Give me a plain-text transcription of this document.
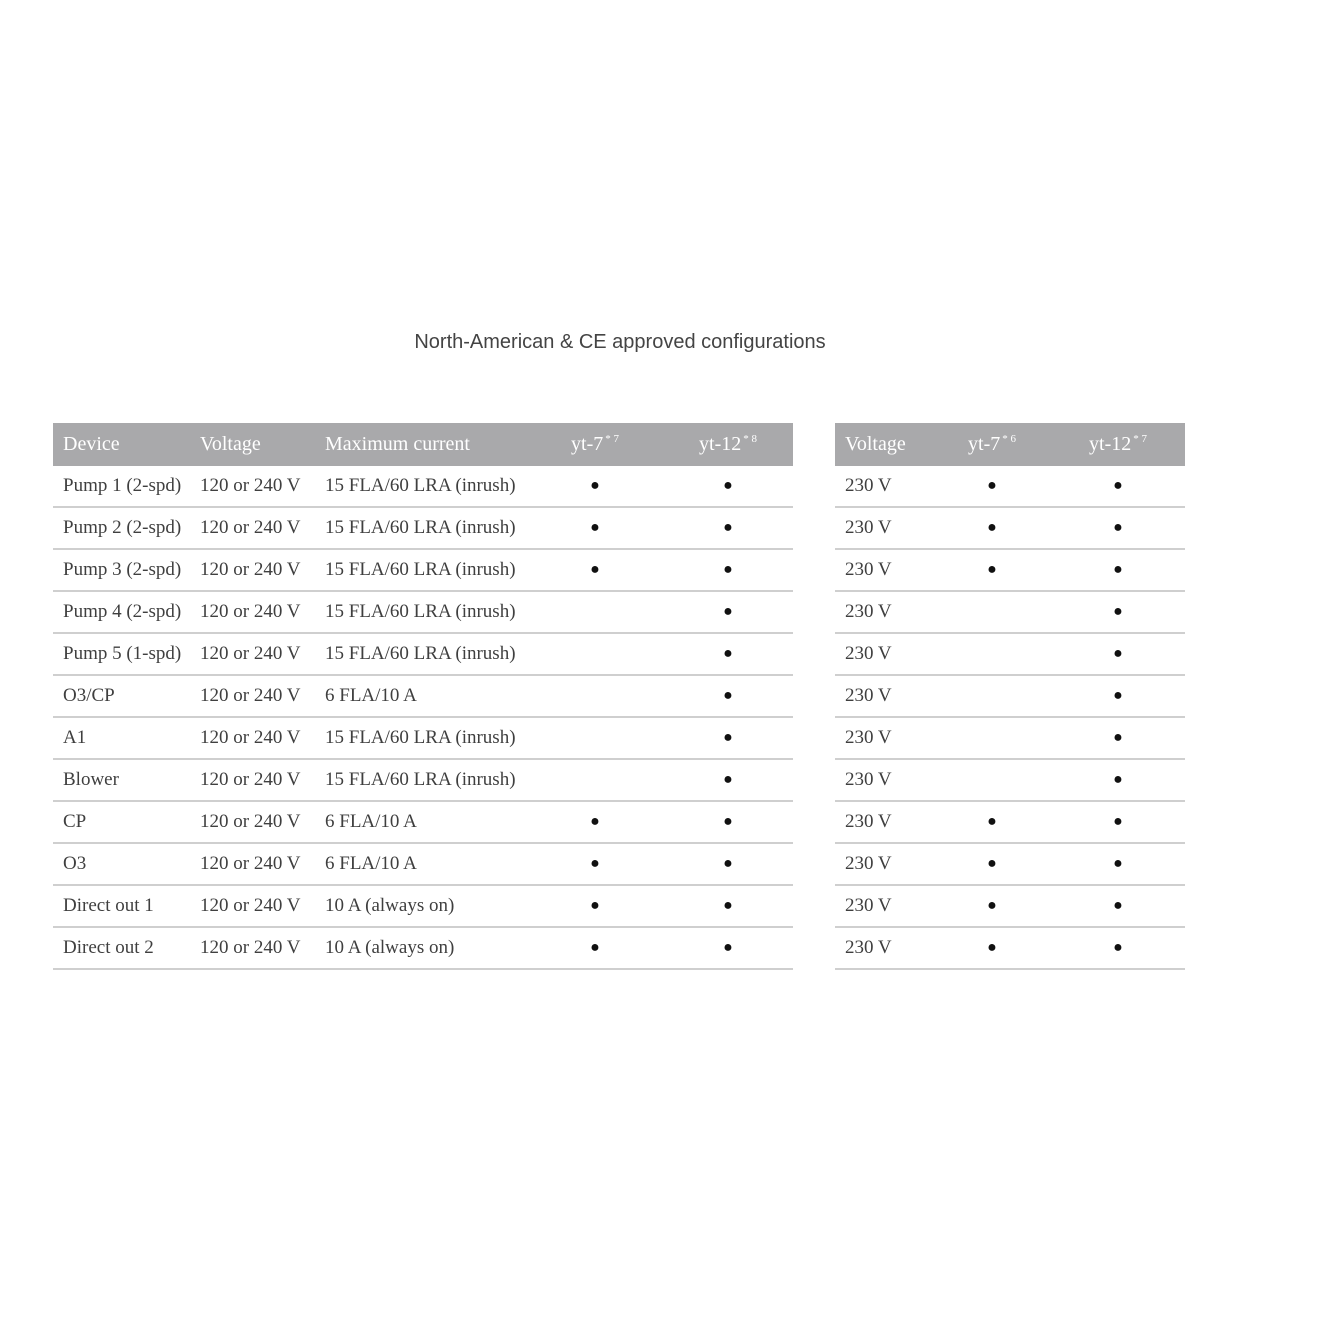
North-American & CE approved configurations
Device	Voltage	Maximum current	yt-7 $^{* 7}$	yt-12 $^{* 8}$
Pump 1 (2-spd)	120 or 240 V	15 FLA/60 LRA (inrush)	●	●
Pump 2 (2-spd)	120 or 240 V	15 FLA/60 LRA (inrush)	●	●
Pump 3 (2-spd)	120 or 240 V	15 FLA/60 LRA (inrush)	●	●
Pump 4 (2-spd)	120 or 240 V	15 FLA/60 LRA (inrush)		●
Pump 5 (1-spd)	120 or 240 V	15 FLA/60 LRA (inrush)		●
O3/CP	120 or 240 V	6 FLA/10 A		●
A1	120 or 240 V	15 FLA/60 LRA (inrush)		●
Blower	120 or 240 V	15 FLA/60 LRA (inrush)		●
CP	120 or 240 V	6 FLA/10 A	●	●
O3	120 or 240 V	6 FLA/10 A	●	●
Direct out 1	120 or 240 V	10 A (always on)	●	●
Direct out 2	120 or 240 V	10 A (always on)	●	●
Voltage	yt-7 $^{* 6}$	yt-12 $^{* 7}$
230 V	●	●
230 V	●	●
230 V	●	●
230 V		●
230 V		●
230 V		●
230 V		●
230 V		●
230 V	●	●
230 V	●	●
230 V	●	●
230 V	●	●
